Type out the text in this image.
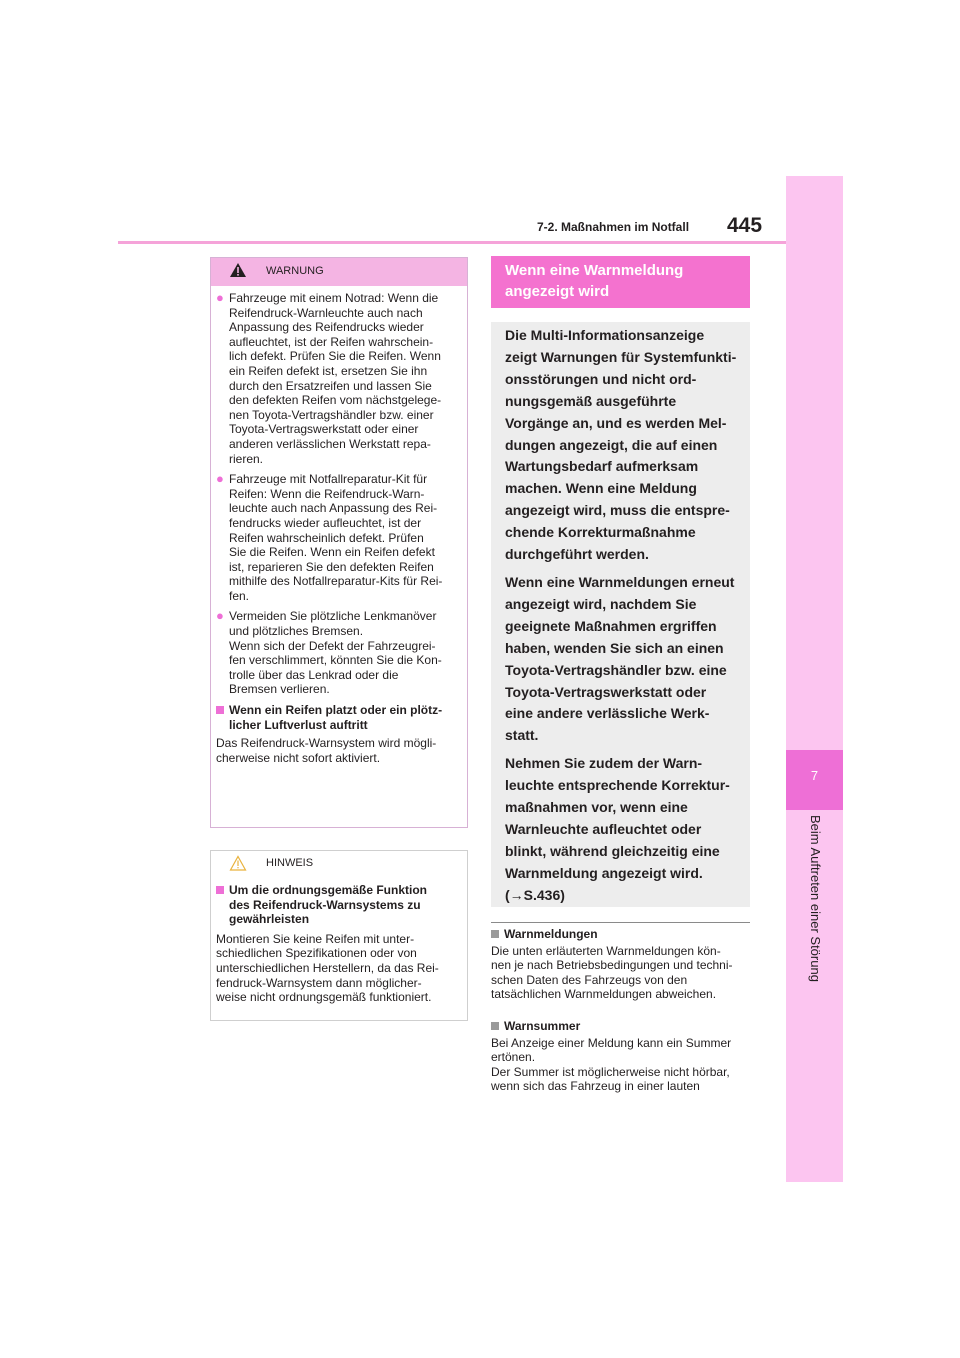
7-2. Maßnahmen im Notfall 445
7
Beim Auftreten einer Störung
WARNUNG
● Fahrzeuge mit einem Notrad: Wenn die
Reifendruck-Warnleuchte auch nach
Anpassung des Reifendrucks wieder
aufleuchtet, ist der Reifen wahrschein-
lich defekt. Prüfen Sie die Reifen. Wenn
ein Reifen defekt ist, ersetzen Sie ihn
durch den Ersatzreifen und lassen Sie
den defekten Reifen vom nächstgelege-
nen Toyota-Vertragshändler bzw. einer
Toyota-Vertragswerkstatt oder einer
anderen verlässlichen Werkstatt repa-
rieren.
● Fahrzeuge mit Notfallreparatur-Kit für
Reifen: Wenn die Reifendruck-Warn-
leuchte auch nach Anpassung des Rei-
fendrucks wieder aufleuchtet, ist der
Reifen wahrscheinlich defekt. Prüfen
Sie die Reifen. Wenn ein Reifen defekt
ist, reparieren Sie den defekten Reifen
mithilfe des Notfallreparatur-Kits für Rei-
fen.
● Vermeiden Sie plötzliche Lenkmanöver
und plötzliches Bremsen.
Wenn sich der Defekt der Fahrzeugrei-
fen verschlimmert, könnten Sie die Kon-
trolle über das Lenkrad oder die
Bremsen verlieren.
Wenn ein Reifen platzt oder ein plötz-
licher Luftverlust auftritt
Das Reifendruck-Warnsystem wird mögli-
cherweise nicht sofort aktiviert.
HINWEIS
Um die ordnungsgemäße Funktion
des Reifendruck-Warnsystems zu
gewährleisten
Montieren Sie keine Reifen mit unter-
schiedlichen Spezifikationen oder von
unterschiedlichen Herstellern, da das Rei-
fendruck-Warnsystem dann möglicher-
weise nicht ordnungsgemäß funktioniert.
Wenn eine Warnmeldung
angezeigt wird
Die Multi-Informationsanzeige
zeigt Warnungen für Systemfunkti-
onsstörungen und nicht ord-
nungsgemäß ausgeführte
Vorgänge an, und es werden Mel-
dungen angezeigt, die auf einen
Wartungsbedarf aufmerksam
machen. Wenn eine Meldung
angezeigt wird, muss die entspre-
chende Korrekturmaßnahme
durchgeführt werden.
Wenn eine Warnmeldungen erneut
angezeigt wird, nachdem Sie
geeignete Maßnahmen ergriffen
haben, wenden Sie sich an einen
Toyota-Vertragshändler bzw. eine
Toyota-Vertragswerkstatt oder
eine andere verlässliche Werk-
statt.
Nehmen Sie zudem der Warn-
leuchte entsprechende Korrektur-
maßnahmen vor, wenn eine
Warnleuchte aufleuchtet oder
blinkt, während gleichzeitig eine
Warnmeldung angezeigt wird.
(→S.436)
Warnmeldungen
Die unten erläuterten Warnmeldungen kön-
nen je nach Betriebsbedingungen und techni-
schen Daten des Fahrzeugs von den
tatsächlichen Warnmeldungen abweichen.
Warnsummer
Bei Anzeige einer Meldung kann ein Summer
ertönen.
Der Summer ist möglicherweise nicht hörbar,
wenn sich das Fahrzeug in einer lauten
